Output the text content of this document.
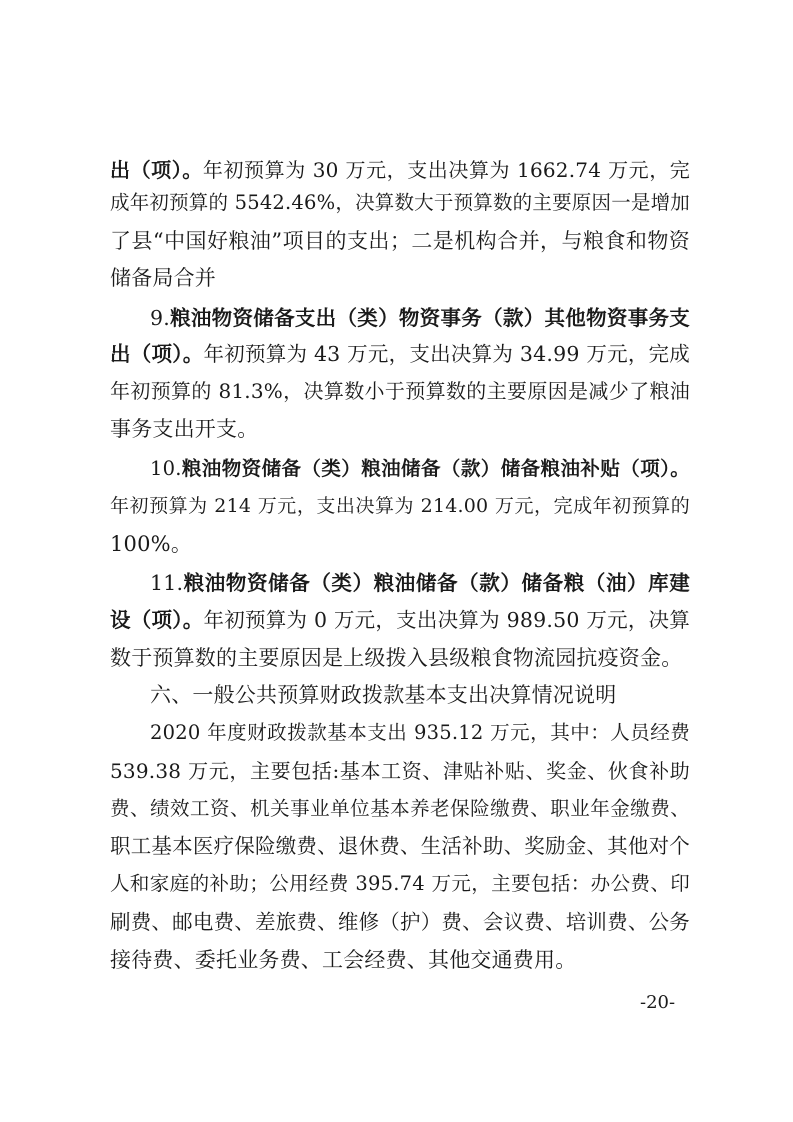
出（项）。年初预算为 30 万元，支出决算为 1662.74 万元，完
成年初预算的 5542.46%，决算数大于预算数的主要原因一是增加
了县“中国好粮油”项目的支出；二是机构合并，与粮食和物资
储备局合并
9.粮油物资储备支出（类）物资事务（款）其他物资事务支
出（项）。年初预算为 43 万元，支出决算为 34.99 万元，完成
年初预算的 81.3%，决算数小于预算数的主要原因是减少了粮油
事务支出开支。
10.粮油物资储备（类）粮油储备（款）储备粮油补贴（项）。
年初预算为 214 万元，支出决算为 214.00 万元，完成年初预算的
100%。
11.粮油物资储备（类）粮油储备（款）储备粮（油）库建
设（项）。年初预算为 0 万元，支出决算为 989.50 万元，决算
数于预算数的主要原因是上级拨入县级粮食物流园抗疫资金。
六、一般公共预算财政拨款基本支出决算情况说明
2020 年度财政拨款基本支出 935.12 万元，其中：人员经费
539.38 万元，主要包括:基本工资、津贴补贴、奖金、伙食补助
费、绩效工资、机关事业单位基本养老保险缴费、职业年金缴费、
职工基本医疗保险缴费、退休费、生活补助、奖励金、其他对个
人和家庭的补助；公用经费 395.74 万元，主要包括：办公费、印
刷费、邮电费、差旅费、维修（护）费、会议费、培训费、公务
接待费、委托业务费、工会经费、其他交通费用。
-20-
